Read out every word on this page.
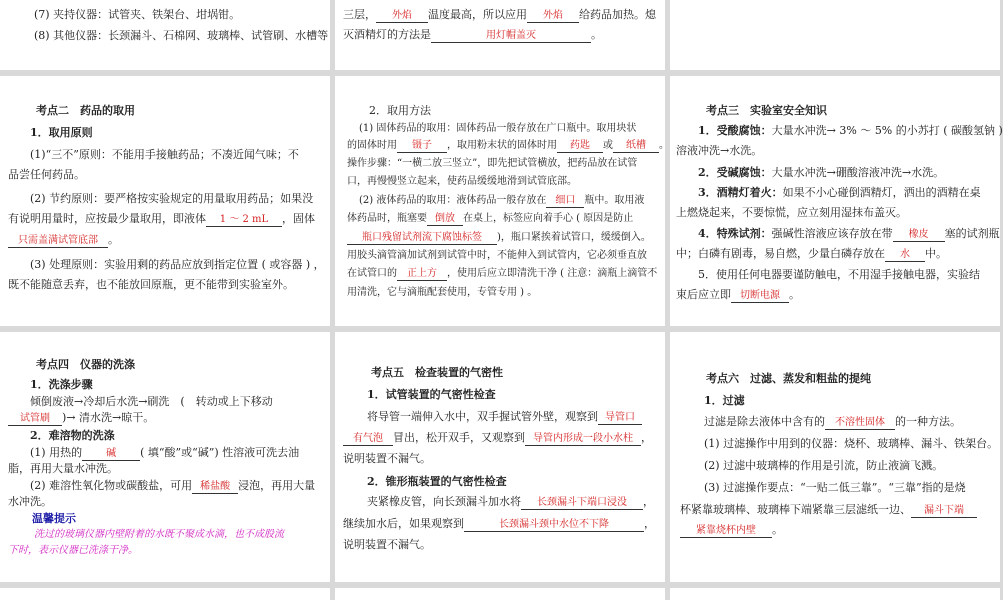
(7) 夹持仪器：试管夹、铁架台、坩埚钳。
(8) 其他仪器：长颈漏斗、石棉网、玻璃棒、试管刷、水槽等
三层， 外焰 温度最高，所以应用 外焰 给药品加热。熄
灭酒精灯的方法是	用灯帽盖灭	。
考点二　药品的取用
1．取用原则
(1)“三不”原则：不能用手接触药品；不凑近闻气味；不
品尝任何药品。
(2) 节约原则：要严格按实验规定的用量取用药品；如果没
有说明用量时，应按最少量取用，即液体 1 ～ 2 mL ，固体
只需盖满试管底部 。
(3) 处理原则：实验用剩的药品应放到指定位置 ( 或容器 ) ，
既不能随意丢弃，也不能放回原瓶，更不能带到实验室外。
2．取用方法
(1) 固体药品的取用：固体药品一般存放在广口瓶中。取用块状
的固体时用 镊子 ，取用粉末状的固体时用 药匙 或 纸槽 。
操作步骤：“一横二放三竖立”，即先把试管横放，把药品放在试管
口，再慢慢竖立起来，使药品缓缓地滑到试管底部。
(2) 液体药品的取用：液体药品一般存放在 细口 瓶中。取用液
体药品时，瓶塞要 倒放 在桌上，标签应向着手心 ( 原因是防止
瓶口残留试剂流下腐蚀标签 )，瓶口紧挨着试管口，缓缓倒入。
用胶头滴管滴加试剂到试管中时，不能伸入到试管内，它必须垂直放
在试管口的 正上方 ，使用后应立即清洗干净 ( 注意：滴瓶上滴管不
用清洗，它与滴瓶配套使用，专管专用 ) 。
考点三　实验室安全知识
1．受酸腐蚀：大量水冲洗→ 3% ～ 5% 的小苏打 ( 碳酸氢钠 )
溶液冲洗→水洗。
2．受碱腐蚀：大量水冲洗→硼酸溶液冲洗→水洗。
3．酒精灯着火：如果不小心碰倒酒精灯，洒出的酒精在桌
上燃烧起来，不要惊慌，应立刻用湿抹布盖灭。
4．特殊试剂：强碱性溶液应该存放在带 橡皮 塞的试剂瓶
中；白磷有剧毒，易自燃，少量白磷存放在 水 中。
5．使用任何电器要谨防触电，不用湿手接触电器，实验结
束后应立即 切断电源 。
考点四　仪器的洗涤
1．洗涤步骤
倾倒废液→冷却后水洗→刷洗　(　转动或上下移动
试管刷 )→ 清水洗→晾干。
2．难溶物的洗涤
(1) 用热的 碱 ( 填“酸”或“碱”) 性溶液可洗去油
脂，再用大量水冲洗。
(2) 难溶性氧化物或碳酸盐，可用 稀盐酸 浸泡，再用大量
水冲洗。
温馨提示
洗过的玻璃仪器内壁附着的水既不聚成水滴，也不成股流
下时，表示仪器已洗涤干净。
考点五　检查装置的气密性
1．试管装置的气密性检查
将导管一端伸入水中，双手握试管外壁，观察到 导管口
有气泡 冒出，松开双手，又观察到 导管内形成一段小水柱 ，
说明装置不漏气。
2．锥形瓶装置的气密性检查
夹紧橡皮管，向长颈漏斗加水将 长颈漏斗下端口浸没 ，
继续加水后，如果观察到	长颈漏斗颈中水位不下降	，
说明装置不漏气。
考点六　过滤、蒸发和粗盐的提纯
1．过滤
过滤是除去液体中含有的 不溶性固体 的一种方法。
(1) 过滤操作中用到的仪器：烧杯、玻璃棒、漏斗、铁架台。
(2) 过滤中玻璃棒的作用是引流，防止液滴飞溅。
(3) 过滤操作要点：“一贴二低三靠”。“三靠”指的是烧
杯紧靠玻璃棒、玻璃棒下端紧靠三层滤纸一边、 漏斗下端
紧靠烧杯内壁 。
